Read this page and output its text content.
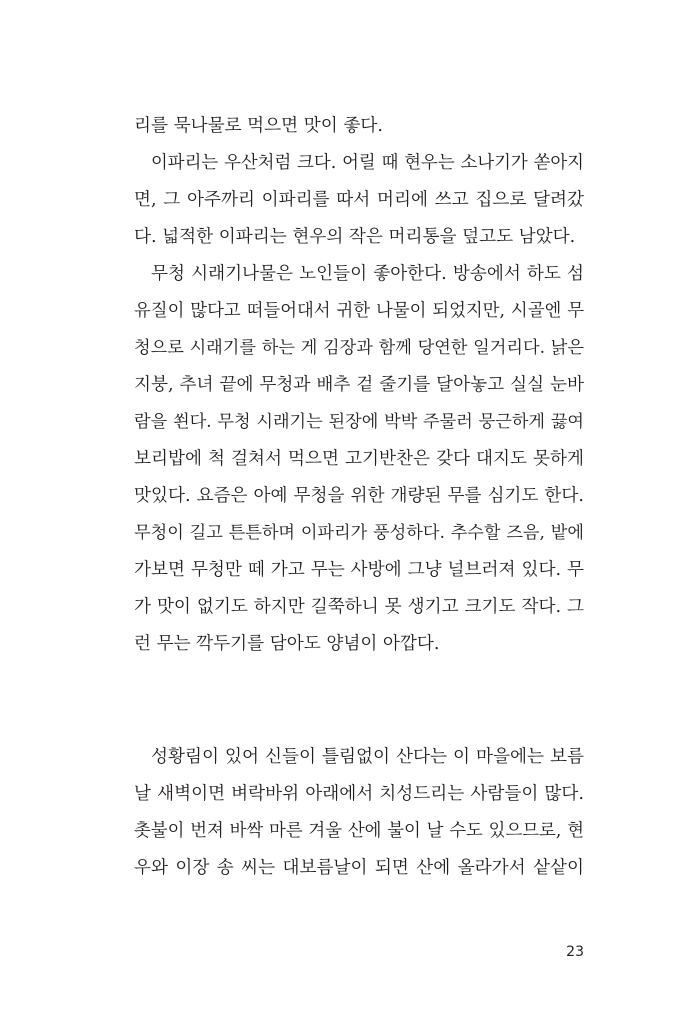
리를 묵나물로 먹으면 맛이 좋다.
이파리는 우산처럼 크다. 어릴 때 현우는 소나기가 쏟아지
면, 그 아주까리 이파리를 따서 머리에 쓰고 집으로 달려갔
다. 넓적한 이파리는 현우의 작은 머리통을 덮고도 남았다.
무청 시래기나물은 노인들이 좋아한다. 방송에서 하도 섬
유질이 많다고 떠들어대서 귀한 나물이 되었지만, 시골엔 무
청으로 시래기를 하는 게 김장과 함께 당연한 일거리다. 낡은
지붕, 추녀 끝에 무청과 배추 겉 줄기를 달아놓고 실실 눈바
람을 쐰다. 무청 시래기는 된장에 박박 주물러 뭉근하게 끓여
보리밥에 척 걸쳐서 먹으면 고기반찬은 갖다 대지도 못하게
맛있다. 요즘은 아예 무청을 위한 개량된 무를 심기도 한다.
무청이 길고 튼튼하며 이파리가 풍성하다. 추수할 즈음, 밭에
가보면 무청만 떼 가고 무는 사방에 그냥 널브러져 있다. 무
가 맛이 없기도 하지만 길쭉하니 못 생기고 크기도 작다. 그
런 무는 깍두기를 담아도 양념이 아깝다.
성황림이 있어 신들이 틀림없이 산다는 이 마을에는 보름
날 새벽이면 벼락바위 아래에서 치성드리는 사람들이 많다.
촛불이 번져 바싹 마른 겨울 산에 불이 날 수도 있으므로, 현
우와 이장 송 씨는 대보름날이 되면 산에 올라가서 샅샅이
23
